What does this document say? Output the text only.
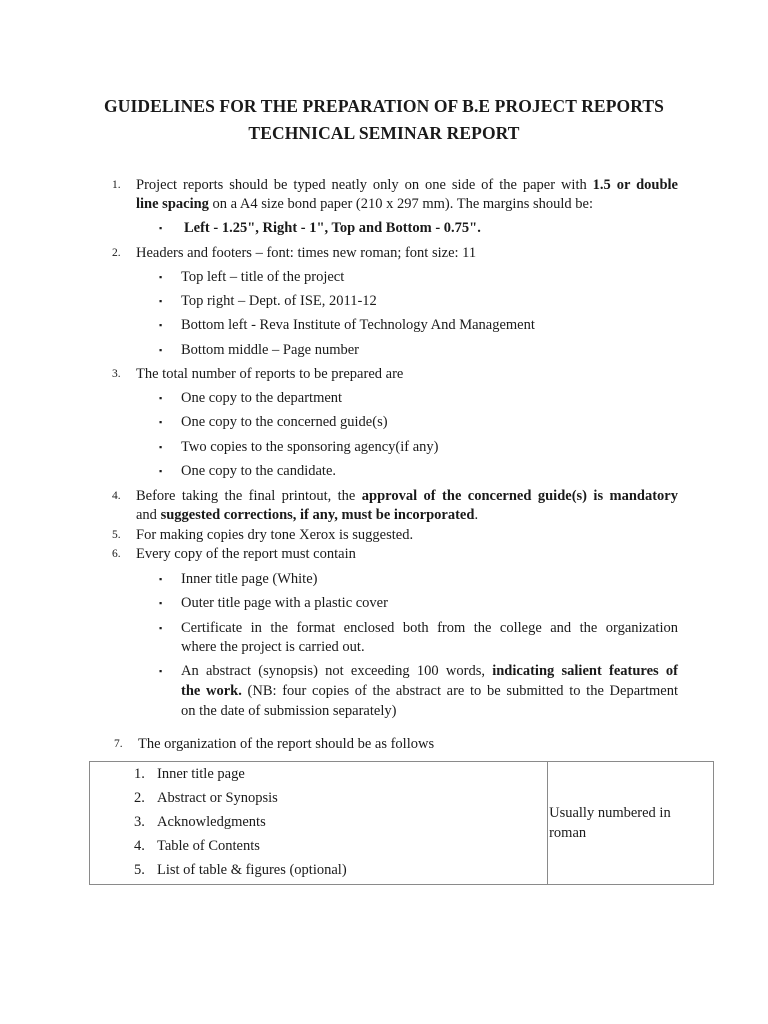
GUIDELINES FOR THE PREPARATION OF B.E PROJECT REPORTS
TECHNICAL SEMINAR REPORT
1. Project reports should be typed neatly only on one side of the paper with 1.5 or double
line spacing on a A4 size bond paper (210 x 297 mm). The margins should be:
▪ Left - 1.25", Right - 1", Top and Bottom - 0.75".
2. Headers and footers – font: times new roman; font size: 11
▪ Top left – title of the project
▪ Top right – Dept. of ISE, 2011-12
▪ Bottom left - Reva Institute of Technology And Management
▪ Bottom middle – Page number
3. The total number of reports to be prepared are
▪ One copy to the department
▪ One copy to the concerned guide(s)
▪ Two copies to the sponsoring agency(if any)
▪ One copy to the candidate.
4. Before taking the final printout, the approval of the concerned guide(s) is mandatory
and suggested corrections, if any, must be incorporated.
5. For making copies dry tone Xerox is suggested.
6. Every copy of the report must contain
▪ Inner title page (White)
▪ Outer title page with a plastic cover
▪ Certificate in the format enclosed both from the college and the organization
where the project is carried out.
▪ An abstract (synopsis) not exceeding 100 words, indicating salient features of
the work. (NB: four copies of the abstract are to be submitted to the Department
on the date of submission separately)
7. The organization of the report should be as follows
1. Inner title page
2. Abstract or Synopsis
3. Acknowledgments
4. Table of Contents
5. List of table & figures (optional)

Usually numbered in roman
